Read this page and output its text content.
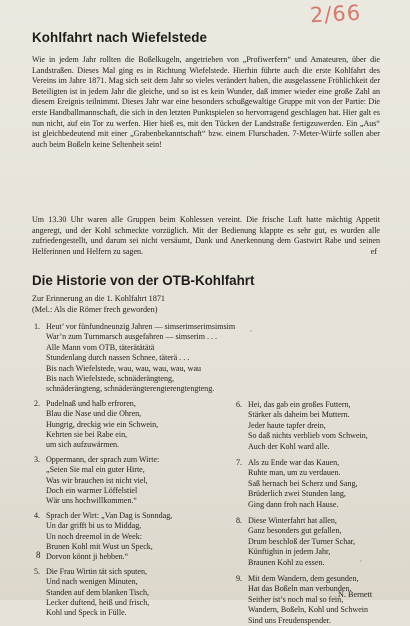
2/66
Kohlfahrt nach Wiefelstede
Wie in jedem Jahr rollten die Boßelkugeln, angetrieben von „Profiwerfern“ und Amateuren, über die Landstraßen. Dieses Mal ging es in Richtung Wiefelstede. Hierhin führte auch die erste Kohlfahrt des Vereins im Jahre 1871. Mag sich seit dem Jahr so vieles verändert haben, die ausgelassene Fröhlichkeit der Beteiligten ist in jedem Jahr die gleiche, und so ist es kein Wunder, daß immer wieder eine große Zahl an diesem Ereignis teilnimmt. Dieses Jahr war eine besonders schußgewaltige Gruppe mit von der Partie: Die erste Handballmannschaft, die sich in den letzten Punktspielen so hervorragend geschlagen hat. Hier galt es nun nicht, auf ein Tor zu werfen. Hier hieß es, mit den Tücken der Landstraße fertigzuwerden. Ein „Aus“ ist gleichbedeutend mit einer „Grabenbekanntschaft“ bzw. einem Flurschaden. 7-Meter-Würfe sollen aber auch beim Boßeln keine Seltenheit sein!
Um 13.30 Uhr waren alle Gruppen beim Kohlessen vereint. Die frische Luft hatte mächtig Appetit angeregt, und der Kohl schmeckte vorzüglich. Mit der Bedienung klappte es sehr gut, es wurden alle zufriedengestellt, und darum sei nicht versäumt, Dank und Anerkennung dem Gastwirt Rabe und seinen Helferinnen und Helfern zu sagen.	ef
Die Historie von der OTB-Kohlfahrt
Zur Erinnerung an die 1. Kohlfahrt 1871
(Mel.: Als die Römer frech geworden)
8
1. Heut’ vor fünfundneunzig Jahren — simserimserimsimsim
War’n zum Turnmarsch ausgefahren — simserim . . .
Alle Mann vom OTB, täterätätätä
Stundenlang durch nassen Schnee, täterä . . .
Bis nach Wiefelstede, wau, wau, wau, wau, wau
Bis nach Wiefelstede, schnäderängteng,
schnäderängteng, schnäderängterengterengtengteng.
2. Pudelnaß und halb erfroren,
Blau die Nase und die Ohren,
Hungrig, dreckig wie ein Schwein,
Kehrten sie bei Rabe ein,
um sich aufzuwärmen.
3. Oppermann, der sprach zum Wirte:
„Seien Sie mal ein guter Hirte,
Was wir brauchen ist nicht viel,
Doch ein warmer Löffelstiel
Wär uns hochwillkommen.“
4. Sprach der Wirt: „Van Dag is Sonndag,
Un dar grifft bi us to Middag,
Un noch dreemol in de Week:
Brunen Kohl mit Wust un Speck,
Dorvon könnt ji hebben.“
5. Die Frau Wirtin tät sich sputen,
Und nach wenigen Minuten,
Standen auf dem blanken Tisch,
Lecker duftend, heiß und frisch,
Kohl und Speck in Fülle.
6. Hei, das gab ein großes Futtern,
Stärker als daheim bei Muttern.
Jeder haute tapfer drein,
So daß nichts verblieb vom Schwein,
Auch der Kohl ward alle.
7. Als zu Ende war das Kauen,
Ruhte man, um zu verdauen.
Saß hernach bei Scherz und Sang,
Brüderlich zwei Stunden lang,
Ging dann froh nach Hause.
8. Diese Winterfahrt hat allen,
Ganz besonders gut gefallen,
Drum beschloß der Turner Schar,
Künftighin in jedem Jahr,
Braunen Kohl zu essen.
9. Mit dem Wandern, dem gesunden,
Hat das Boßeln man verbunden.
Seither ist’s noch mal so fein,
Wandern, Boßeln, Kohl und Schwein
Sind uns Freudenspender.
N. Bernett
